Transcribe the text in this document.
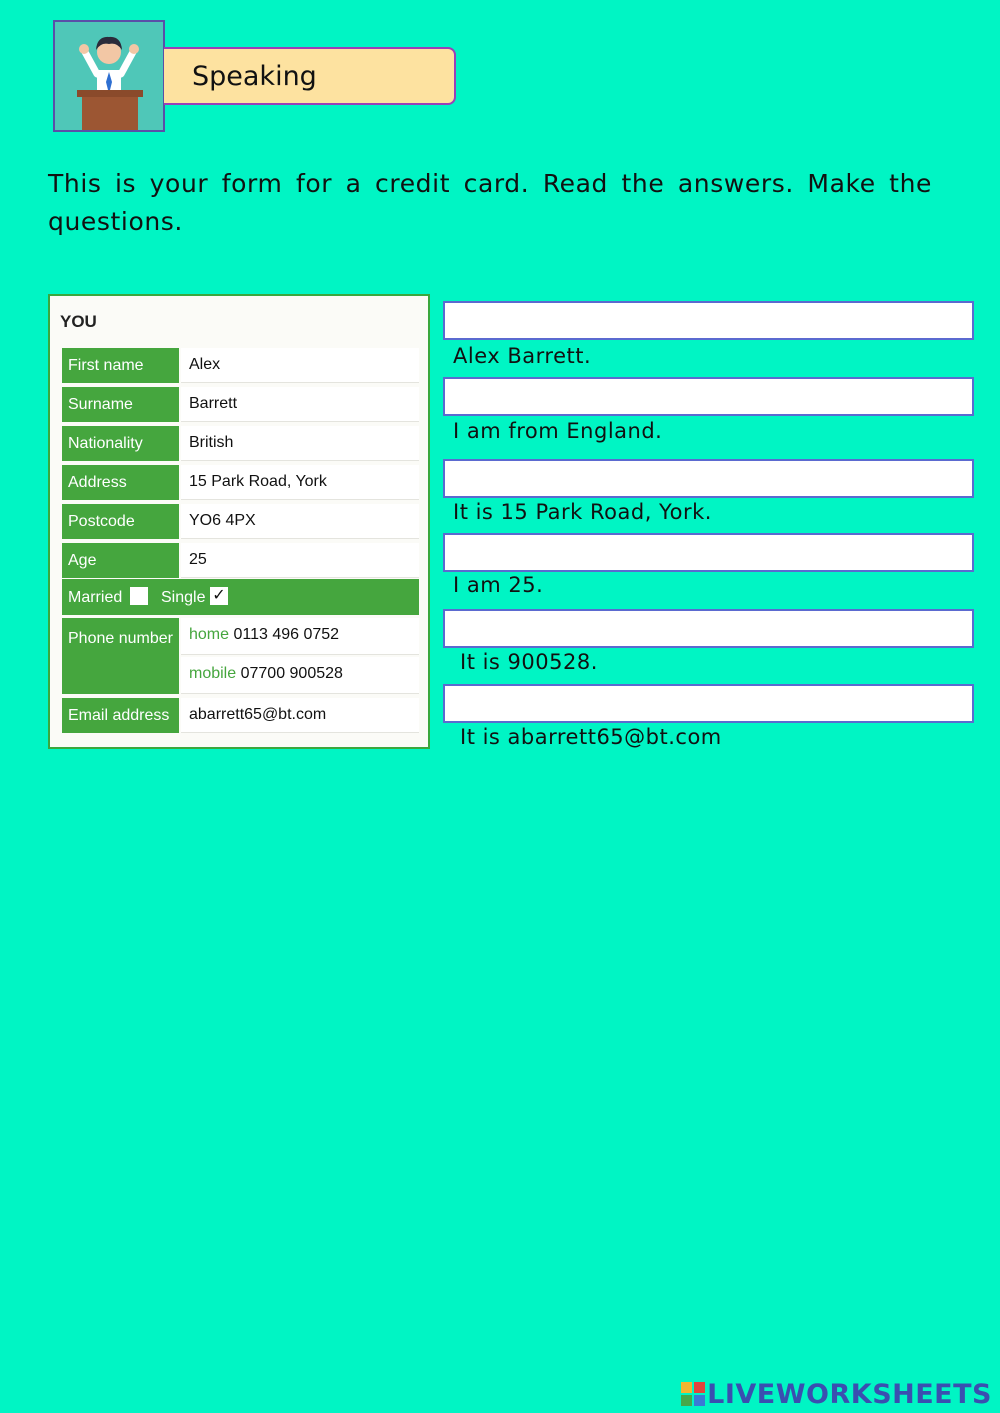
Speaking
This is your form for a credit card. Read the answers. Make the questions.
YOU
First name	Alex
Surname	Barrett
Nationality	British
Address	15 Park Road, York
Postcode	YO6 4PX
Age	25
Married Single ✓
Phone number	home 0113 496 0752
mobile 07700 900528
Email address	abarrett65@bt.com
Alex Barrett.
I am from England.
It is 15 Park Road, York.
I am 25.
It is 900528.
It is abarrett65@bt.com
LIVEWORKSHEETS
